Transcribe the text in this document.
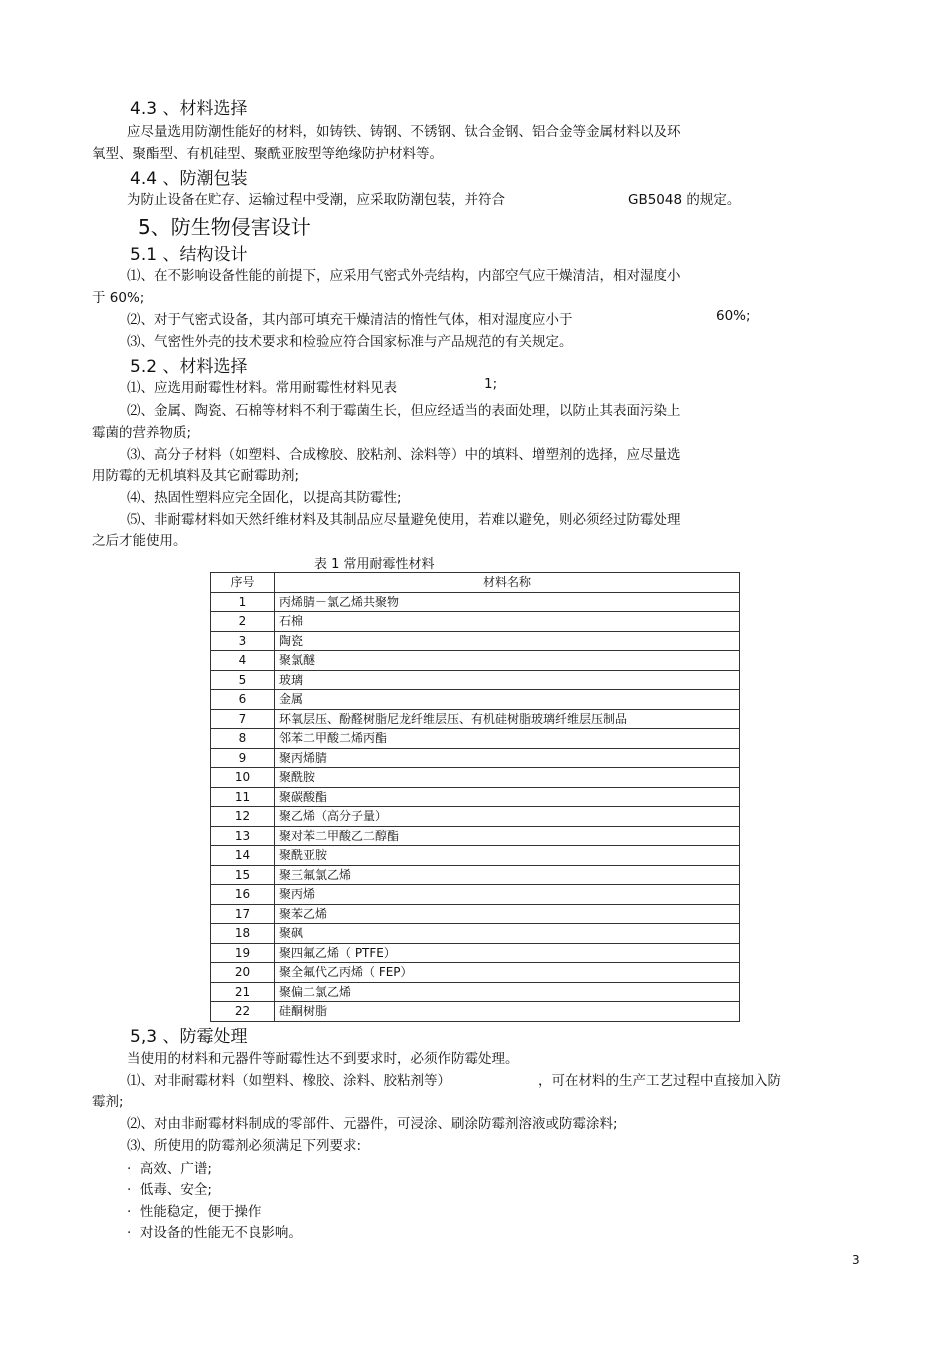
4.3 、材料选择
应尽量选用防潮性能好的材料，如铸铁、铸钢、不锈钢、钛合金钢、铝合金等金属材料以及环
氧型、聚酯型、有机硅型、聚酰亚胺型等绝缘防护材料等。
4.4 、防潮包装
为防止设备在贮存、运输过程中受潮，应采取防潮包装，并符合	GB5048 的规定。
5、防生物侵害设计
5.1 、结构设计
⑴、在不影响设备性能的前提下，应采用气密式外壳结构，内部空气应干燥清洁，相对湿度小
于 60%;
⑵、对于气密式设备，其内部可填充干燥清洁的惰性气体，相对湿度应小于	60%;
⑶、气密性外壳的技术要求和检验应符合国家标准与产品规范的有关规定。
5.2 、材料选择
⑴、应选用耐霉性材料。常用耐霉性材料见表	1;
⑵、金属、陶瓷、石棉等材料不利于霉菌生长，但应经适当的表面处理，以防止其表面污染上
霉菌的营养物质;
⑶、高分子材料（如塑料、合成橡胶、胶粘剂、涂料等）中的填料、增塑剂的选择，应尽量选
用防霉的无机填料及其它耐霉助剂;
⑷、热固性塑料应完全固化，以提高其防霉性;
⑸、非耐霉材料如天然纤维材料及其制品应尽量避免使用，若难以避免，则必须经过防霉处理
之后才能使用。
表 1 常用耐霉性材料
序号	材料名称
1	丙烯腈－氯乙烯共聚物
2	石棉
3	陶瓷
4	聚氯醚
5	玻璃
6	金属
7	环氧层压、酚醛树脂尼龙纤维层压、有机硅树脂玻璃纤维层压制品
8	邻苯二甲酸二烯丙酯
9	聚丙烯腈
10	聚酰胺
11	聚碳酸酯
12	聚乙烯（高分子量）
13	聚对苯二甲酸乙二醇酯
14	聚酰亚胺
15	聚三氟氯乙烯
16	聚丙烯
17	聚苯乙烯
18	聚砜
19	聚四氟乙烯（ PTFE）
20	聚全氟代乙丙烯（ FEP）
21	聚偏二氯乙烯
22	硅酮树脂
5,3 、防霉处理
当使用的材料和元器件等耐霉性达不到要求时，必须作防霉处理。
⑴、对非耐霉材料（如塑料、橡胶、涂料、胶粘剂等）	，可在材料的生产工艺过程中直接加入防
霉剂;
⑵、对由非耐霉材料制成的零部件、元器件，可浸涂、刷涂防霉剂溶液或防霉涂料;
⑶、所使用的防霉剂必须满足下列要求:
· 高效、广谱;
· 低毒、安全;
· 性能稳定，便于操作
· 对设备的性能无不良影响。
3
